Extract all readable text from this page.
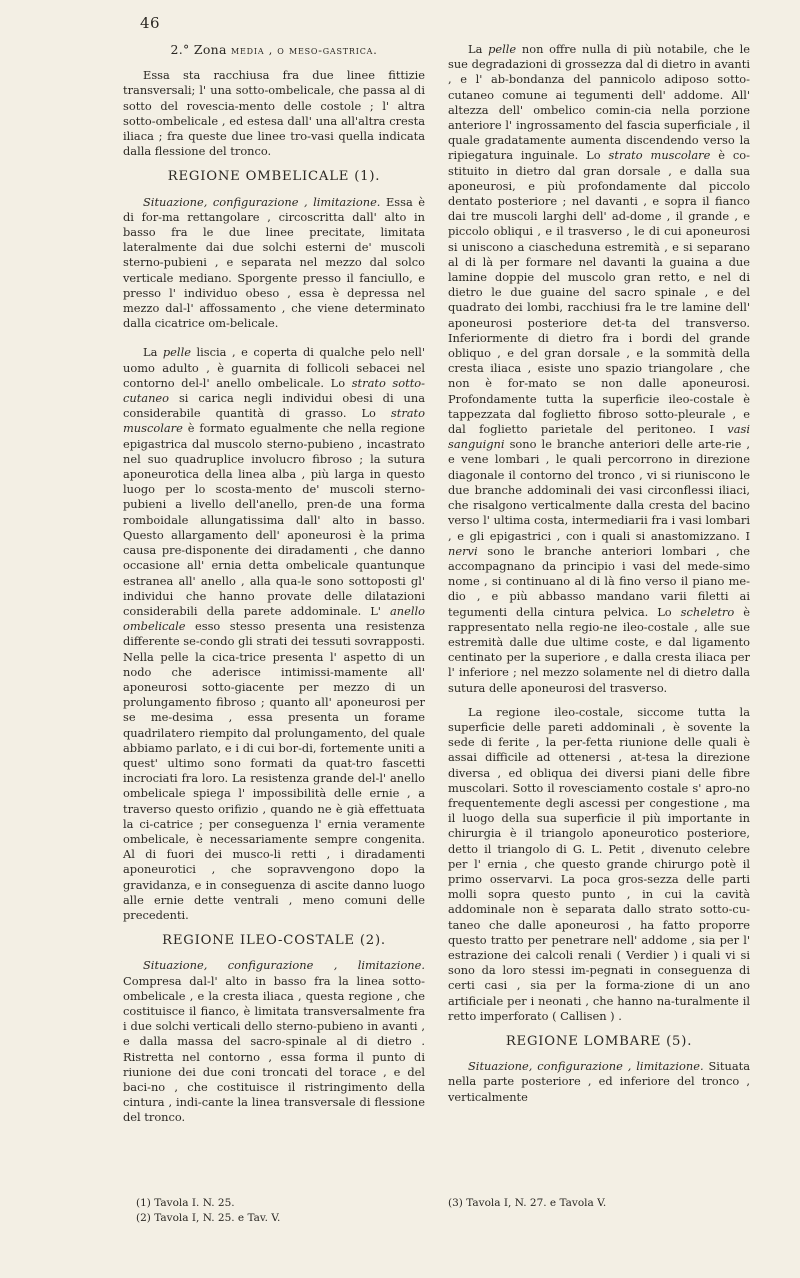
46
2.° Zona media , o meso-gastrica.

Essa sta racchiusa fra due linee fittizie transversali; l' una sotto-ombelicale, che passa al di sotto del rovescia-mento delle costole ; l' altra sotto-ombelicale , ed estesa dall' una all'altra cresta iliaca ; fra queste due linee tro-vasi quella indicata dalla flessione del tronco.

REGIONE OMBELICALE (1).

Situazione, configurazione , limitazione. Essa è di for-ma rettangolare , circoscritta dall' alto in basso fra le due linee precitate, limitata lateralmente dai due solchi esterni de' muscoli sterno-pubieni , e separata nel mezzo dal solco verticale mediano. Sporgente presso il fanciullo, e presso l' individuo obeso , essa è depressa nel mezzo dal-l' affossamento , che viene determinato dalla cicatrice om-belicale.

La pelle liscia , e coperta di qualche pelo nell' uomo adulto , è guarnita di follicoli sebacei nel contorno del-l' anello ombelicale. Lo strato sotto-cutaneo si carica negli individui obesi di una considerabile quantità di grasso. Lo strato muscolare è formato egualmente che nella regione epigastrica dal muscolo sterno-pubieno , incastrato nel suo quadruplice involucro fibroso ; la sutura aponeurotica della linea alba , più larga in questo luogo per lo scosta-mento de' muscoli sterno-pubieni a livello dell'anello, pren-de una forma romboidale allungatissima dall' alto in basso. Questo allargamento dell' aponeurosi è la prima causa pre-disponente dei diradamenti , che danno occasione all' ernia detta ombelicale quantunque estranea all' anello , alla qua-le sono sottoposti gl' individui che hanno provate delle dilatazioni considerabili della parete addominale. L' anello ombelicale esso stesso presenta una resistenza differente se-condo gli strati dei tessuti sovrapposti. Nella pelle la cica-trice presenta l' aspetto di un nodo che aderisce intimissi-mamente all' aponeurosi sotto-giacente per mezzo di un prolungamento fibroso ; quanto all' aponeurosi per se me-desima , essa presenta un forame quadrilatero riempito dal prolungamento, del quale abbiamo parlato, e i di cui bor-di, fortemente uniti a quest' ultimo sono formati da quat-tro fascetti incrociati fra loro. La resistenza grande del-l' anello ombelicale spiega l' impossibilità delle ernie , a traverso questo orifizio , quando ne è già effettuata la ci-catrice ; per conseguenza l' ernia veramente ombelicale, è necessariamente sempre congenita. Al di fuori dei musco-li retti , i diradamenti aponeurotici , che sopravvengono dopo la gravidanza, e in conseguenza di ascite danno luogo alle ernie dette ventrali , meno comuni delle precedenti.

REGIONE ILEO-COSTALE (2).

Situazione, configurazione , limitazione. Compresa dal-l' alto in basso fra la linea sotto-ombelicale , e la cresta iliaca , questa regione , che costituisce il fianco, è limitata transversalmente fra i due solchi verticali dello sterno-pubieno in avanti , e dalla massa del sacro-spinale al di dietro . Ristretta nel contorno , essa forma il punto di riunione dei due coni troncati del torace , e del baci-no , che costituisce il ristringimento della cintura , indi-cante la linea transversale di flessione del tronco.

La pelle non offre nulla di più notabile, che le sue degradazioni di grossezza dal di dietro in avanti , e l' ab-bondanza del pannicolo adiposo sotto-cutaneo comune ai tegumenti dell' addome. All' altezza dell' ombelico comin-cia nella porzione anteriore l' ingrossamento del fascia superficiale , il quale gradatamente aumenta discendendo verso la ripiegatura inguinale. Lo strato muscolare è co-stituito in dietro dal gran dorsale , e dalla sua aponeurosi, e più profondamente dal piccolo dentato posteriore ; nel davanti , e sopra il fianco dai tre muscoli larghi dell' ad-dome , il grande , e piccolo obliqui , e il trasverso , le di cui aponeurosi si uniscono a ciascheduna estremità , e si separano al di là per formare nel davanti la guaina a due lamine doppie del muscolo gran retto, e nel di dietro le due guaine del sacro spinale , e del quadrato dei lombi, racchiusi fra le tre lamine dell' aponeurosi posteriore det-ta del transverso. Inferiormente di dietro fra i bordi del grande obliquo , e del gran dorsale , e la sommità della cresta iliaca , esiste uno spazio triangolare , che non è for-mato se non dalle aponeurosi. Profondamente tutta la superficie ileo-costale è tappezzata dal foglietto fibroso sotto-pleurale , e dal foglietto parietale del peritoneo. I vasi sanguigni sono le branche anteriori delle arte-rie , e vene lombari , le quali percorrono in direzione diagonale il contorno del tronco , vi si riuniscono le due branche addominali dei vasi circonflessi iliaci, che risalgono verticalmente dalla cresta del bacino verso l' ultima costa, intermediarii fra i vasi lombari , e gli epigastrici , con i quali si anastomizzano. I nervi sono le branche anteriori lombari , che accompagnano da principio i vasi del mede-simo nome , si continuano al di là fino verso il piano me-dio , e più abbasso mandano varii filetti ai tegumenti della cintura pelvica. Lo scheletro è rappresentato nella regio-ne ileo-costale , alle sue estremità dalle due ultime coste, e dal ligamento centinato per la superiore , e dalla cresta iliaca per l' inferiore ; nel mezzo solamente nel di dietro dalla sutura delle aponeurosi del trasverso.

La regione ileo-costale, siccome tutta la superficie delle pareti addominali , è sovente la sede di ferite , la per-fetta riunione delle quali è assai difficile ad ottenersi , at-tesa la direzione diversa , ed obliqua dei diversi piani delle fibre muscolari. Sotto il rovesciamento costale s' apro-no frequentemente degli ascessi per congestione , ma il luogo della sua superficie il più importante in chirurgia è il triangolo aponeurotico posteriore, detto il triangolo di G. L. Petit , divenuto celebre per l' ernia , che questo grande chirurgo potè il primo osservarvi. La poca gros-sezza delle parti molli sopra questo punto , in cui la cavità addominale non è separata dallo strato sotto-cu-taneo che dalle aponeurosi , ha fatto proporre questo tratto per penetrare nell' addome , sia per l' estrazione dei calcoli renali ( Verdier ) i quali vi si sono da loro stessi im-pegnati in conseguenza di certi casi , sia per la forma-zione di un ano artificiale per i neonati , che hanno na-turalmente il retto imperforato ( Callisen ) .

REGIONE LOMBARE (5).

Situazione, configurazione , limitazione. Situata nella parte posteriore , ed inferiore del tronco , verticalmente

(1) Tavola I. N. 25.
(2) Tavola I, N. 25. e Tav. V.
(3) Tavola I, N. 27. e Tavola V.
